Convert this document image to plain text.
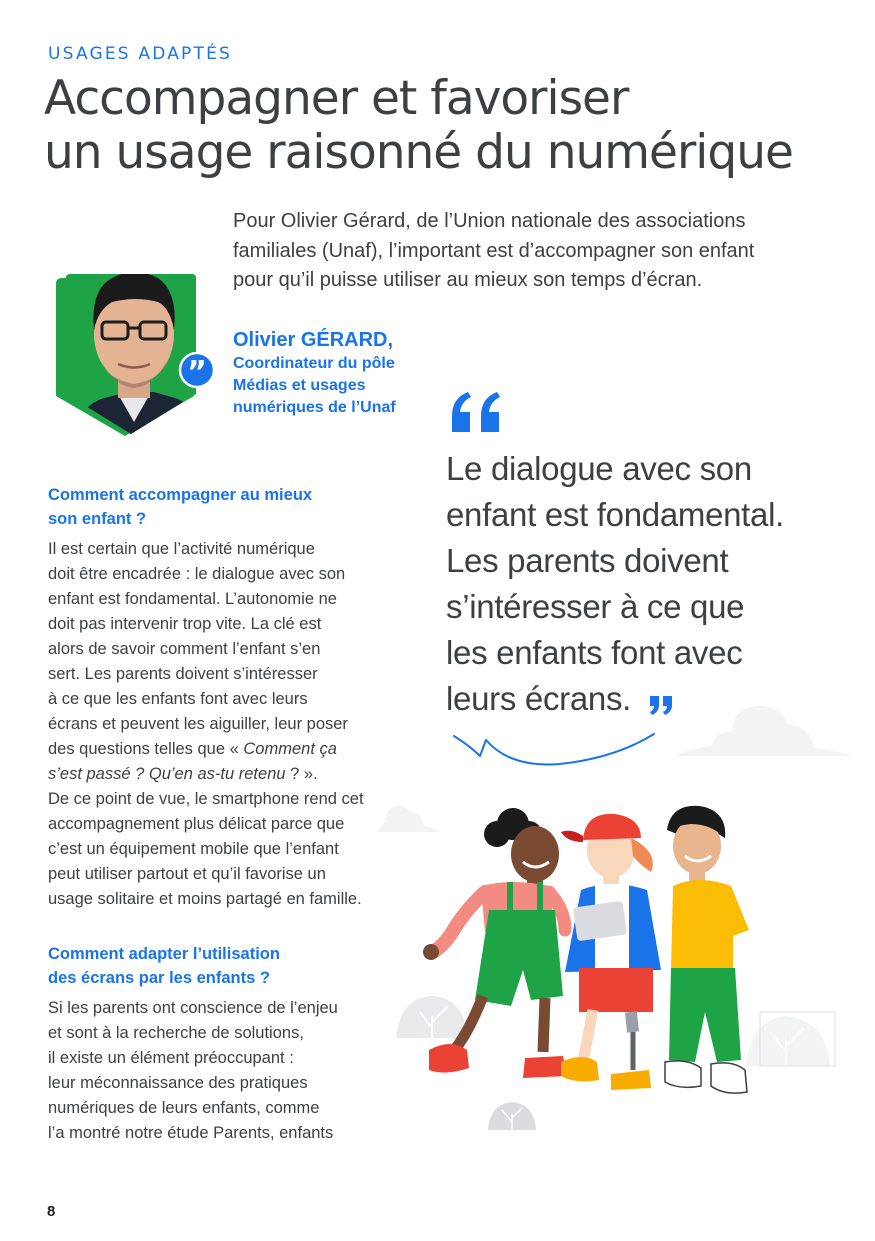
USAGES ADAPTÉS
Accompagner et favoriser
un usage raisonné du numérique
Pour Olivier Gérard, de l’Union nationale des associations
familiales (Unaf), l’important est d’accompagner son enfant
pour qu’il puisse utiliser au mieux son temps d’écran.
”
Olivier GÉRARD,
Coordinateur du pôle
Médias et usages
numériques de l’Unaf
Comment accompagner au mieux
son enfant ?
Il est certain que l’activité numérique
doit être encadrée : le dialogue avec son
enfant est fondamental. L’autonomie ne
doit pas intervenir trop vite. La clé est
alors de savoir comment l’enfant s’en
sert. Les parents doivent s’intéresser
à ce que les enfants font avec leurs
écrans et peuvent les aiguiller, leur poser
des questions telles que « Comment ça
s’est passé ? Qu’en as-tu retenu ? ».
De ce point de vue, le smartphone rend cet
accompagnement plus délicat parce que
c’est un équipement mobile que l’enfant
peut utiliser partout et qu’il favorise un
usage solitaire et moins partagé en famille.
Comment adapter l’utilisation
des écrans par les enfants ?
Si les parents ont conscience de l’enjeu
et sont à la recherche de solutions,
il existe un élément préoccupant :
leur méconnaissance des pratiques
numériques de leurs enfants, comme
l’a montré notre étude Parents, enfants
Le dialogue avec son
enfant est fondamental.
Les parents doivent
s’intéresser à ce que
les enfants font avec
leurs écrans.
8
